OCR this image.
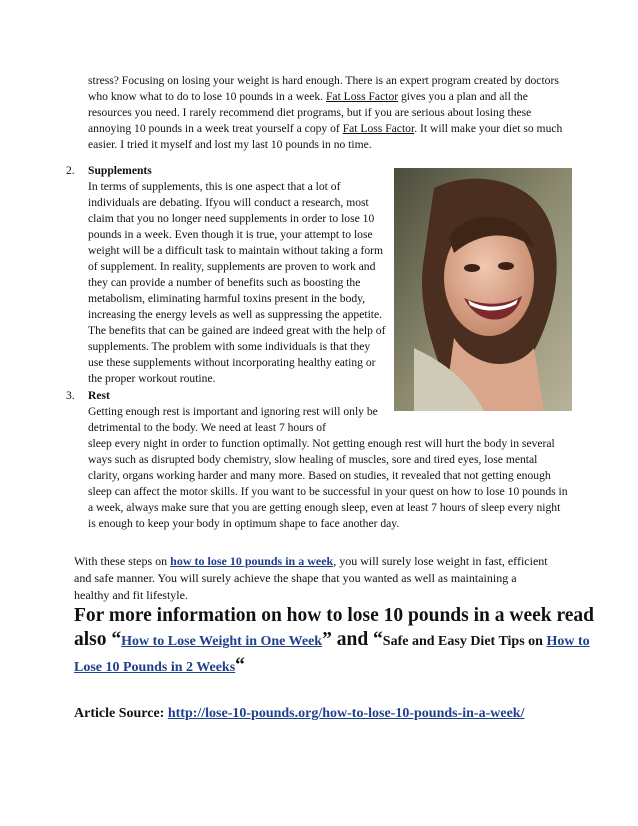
stress? Focusing on losing your weight is hard enough. There is an expert program created by doctors who know what to do to lose 10 pounds in a week. Fat Loss Factor gives you a plan and all the resources you need. I rarely recommend diet programs, but if you are serious about losing these annoying 10 pounds in a week treat yourself a copy of Fat Loss Factor. It will make your diet so much easier. I tried it myself and lost my last 10 pounds in no time.

2. Supplements

In terms of supplements, this is one aspect that a lot of individuals are debating. Ifyou will conduct a research, most claim that you no longer need supplements in order to lose 10 pounds in a week. Even though it is true, your attempt to lose weight will be a difficult task to maintain without taking a form of supplement. In reality, supplements are proven to work and they can provide a number of benefits such as boosting the metabolism, eliminating harmful toxins present in the body, increasing the energy levels as well as suppressing the appetite. The benefits that can be gained are indeed great with the help of supplements. The problem with some individuals is that they use these supplements without incorporating healthy eating or the proper workout routine.

3. Rest

Getting enough rest is important and ignoring rest will only be detrimental to the body. We need at least 7 hours of

sleep every night in order to function optimally. Not getting enough rest will hurt the body in several ways such as disrupted body chemistry, slow healing of muscles, sore and tired eyes, lose mental clarity, organs working harder and many more. Based on studies, it revealed that not getting enough sleep can affect the motor skills. If you want to be successful in your quest on how to lose 10 pounds in a week, always make sure that you are getting enough sleep, even at least 7 hours of sleep every night is enough to keep your body in optimum shape to face another day.

With these steps on how to lose 10 pounds in a week, you will surely lose weight in fast, efficient and safe manner. You will surely achieve the shape that you wanted as well as maintaining a healthy and fit lifestyle.

For more information on how to lose 10 pounds in a week read also “How to Lose Weight in One Week” and “Safe and Easy Diet Tips on How to Lose 10 Pounds in 2 Weeks“
Article Source: http://lose-10-pounds.org/how-to-lose-10-pounds-in-a-week/
